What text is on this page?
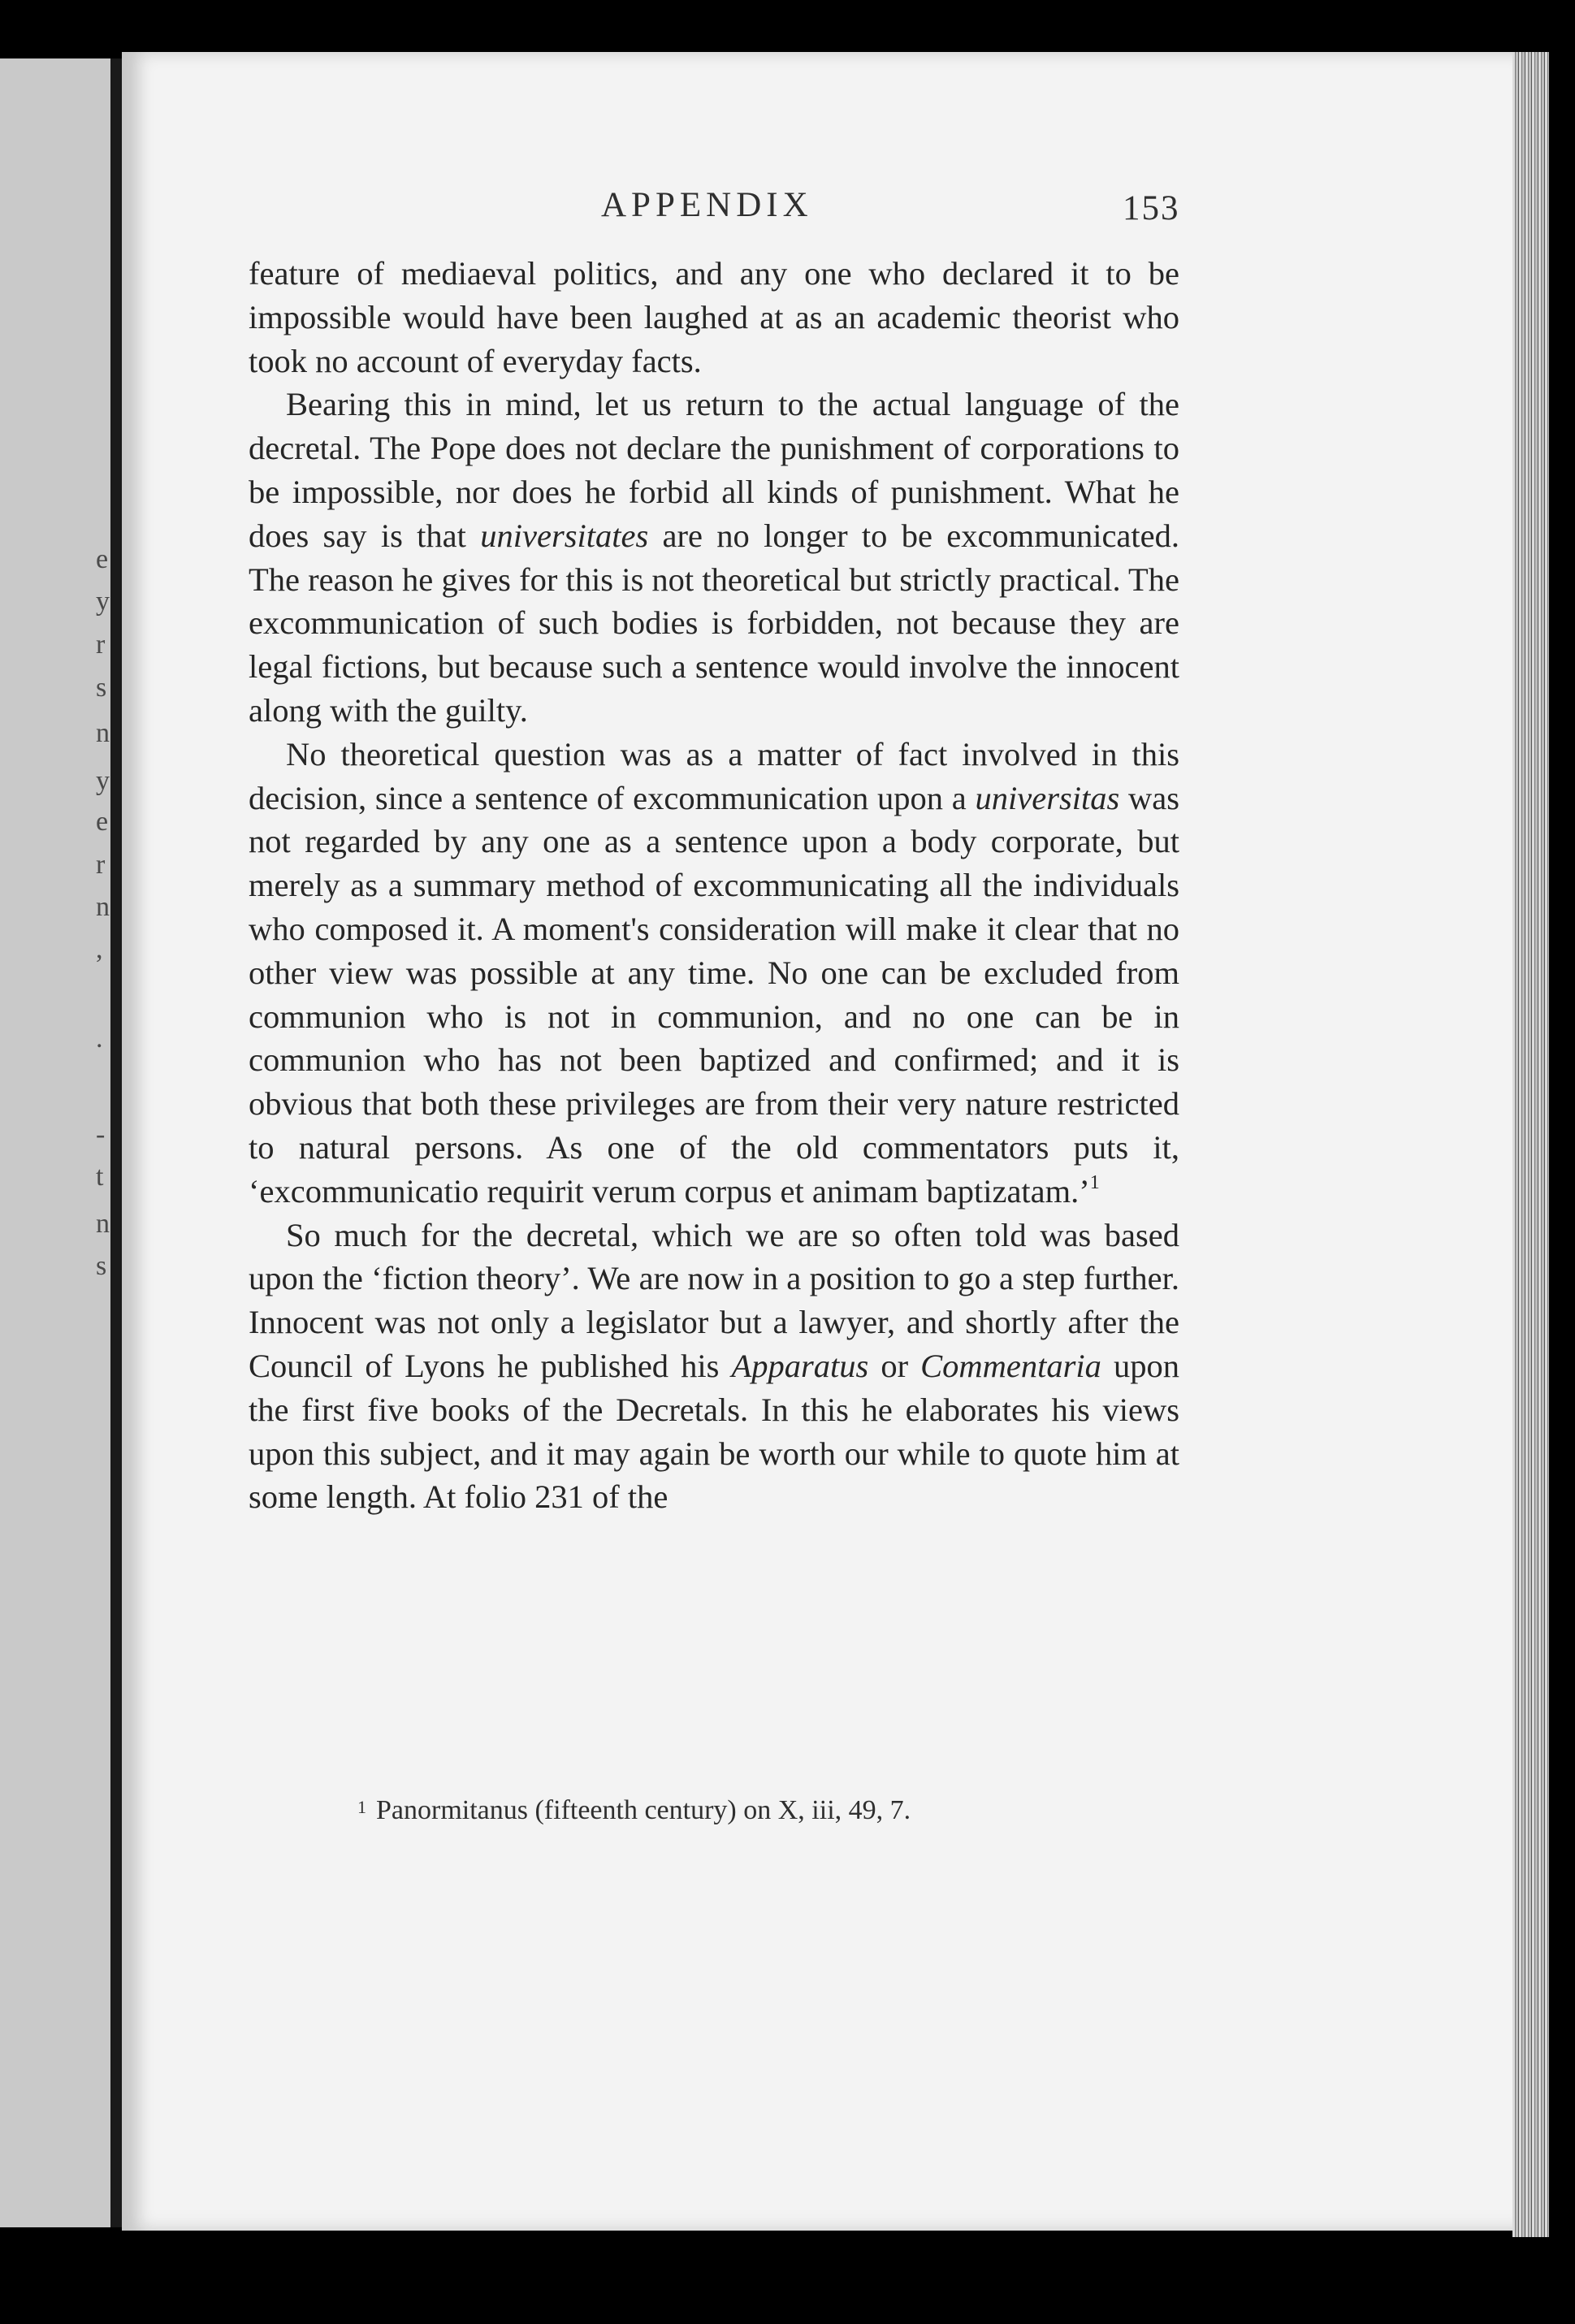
e
y
r
s
n
y
e
r
n
,
.
-
t
n
s
APPENDIX	153

feature of mediaeval politics, and any one who declared it to be impossible would have been laughed at as an academic theorist who took no account of everyday facts.

Bearing this in mind, let us return to the actual language of the decretal. The Pope does not declare the punishment of corporations to be impossible, nor does he forbid all kinds of punishment. What he does say is that universitates are no longer to be excommunicated. The reason he gives for this is not theoretical but strictly practical. The excommunication of such bodies is forbidden, not because they are legal fictions, but because such a sentence would involve the innocent along with the guilty.

No theoretical question was as a matter of fact involved in this decision, since a sentence of excommunication upon a universitas was not regarded by any one as a sentence upon a body corporate, but merely as a summary method of excommunicating all the individuals who composed it. A moment's consideration will make it clear that no other view was possible at any time. No one can be excluded from communion who is not in communion, and no one can be in communion who has not been baptized and confirmed; and it is obvious that both these privileges are from their very nature restricted to natural persons. As one of the old commentators puts it, ‘excommunicatio requirit verum corpus et animam baptizatam.’$^1$

So much for the decretal, which we are so often told was based upon the ‘fiction theory’. We are now in a position to go a step further. Innocent was not only a legislator but a lawyer, and shortly after the Council of Lyons he published his Apparatus or Commentaria upon the first five books of the Decretals. In this he elaborates his views upon this subject, and it may again be worth our while to quote him at some length. At folio 231 of the

$^1$ Panormitanus (fifteenth century) on X, iii, 49, 7.
